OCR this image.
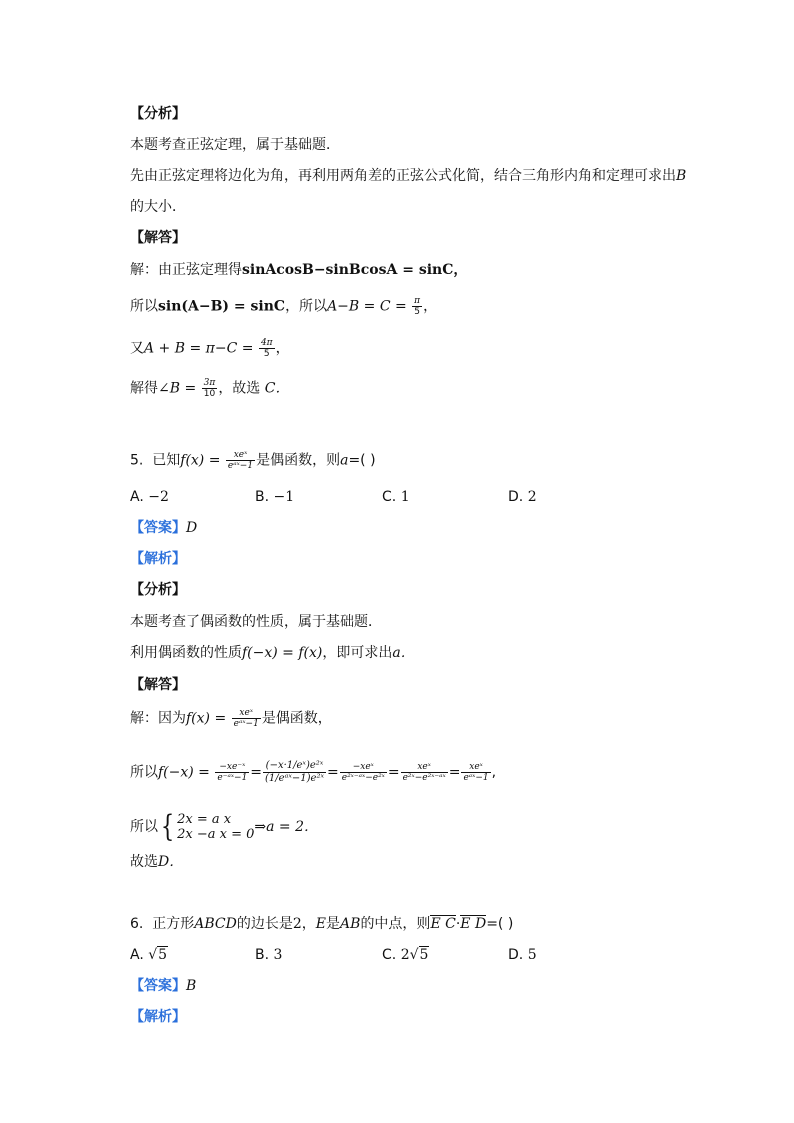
【分析】
本题考查正弦定理，属于基础题．
先由正弦定理将边化为角，再利用两角差的正弦公式化简，结合三角形内角和定理可求出B
的大小．
【解答】
解：由正弦定理得sinAcosB−sinBcosA = sinC，
所以sin(A−B) = sinC，所以$A-B = C = \frac{\pi}{5}$ ，
又$A + B = \pi-C = \frac{4\pi}{5}$ ，
解得∠B = $\frac{3\pi}{10}$ ，故选 C．
5. 已知$f(x) = \frac{\text{xeˣ}}{\text{eᵃˣ−1}}$ 是偶函数，则a=( )
A. −2	B. −1	C. 1	D. 2
【答案】D
【解析】
【分析】
本题考查了偶函数的性质，属于基础题．
利用偶函数的性质f(−x) = f(x)，即可求出a．
【解答】
解：因为$f(x) = \frac{\text{xeˣ}}{\text{eᵃˣ−1}}$ 是偶函数，
所以$f(-x) = \frac{\text{−xe⁻ˣ}}{\text{e⁻ᵃˣ−1}} = \frac{\text{(−x·1/eˣ)e²ˣ}}{\text{(1/eᵃˣ−1)e²ˣ}} = \frac{\text{−xeˣ}}{\text{e²ˣ⁻ᵃˣ−e²ˣ}} = \frac{\text{xeˣ}}{\text{e²ˣ−e²ˣ⁻ᵃˣ}} = \frac{\text{xeˣ}}{\text{eᵃˣ−1}}$ ,
所以{ 2x = a x
2x −a x = 0 ⇒a = 2．
故选D．
6. 正方形ABCD的边长是2，E是AB的中点，则E C·E D=( )
A. √5	B. 3	C. 2√5	D. 5
【答案】B
【解析】
